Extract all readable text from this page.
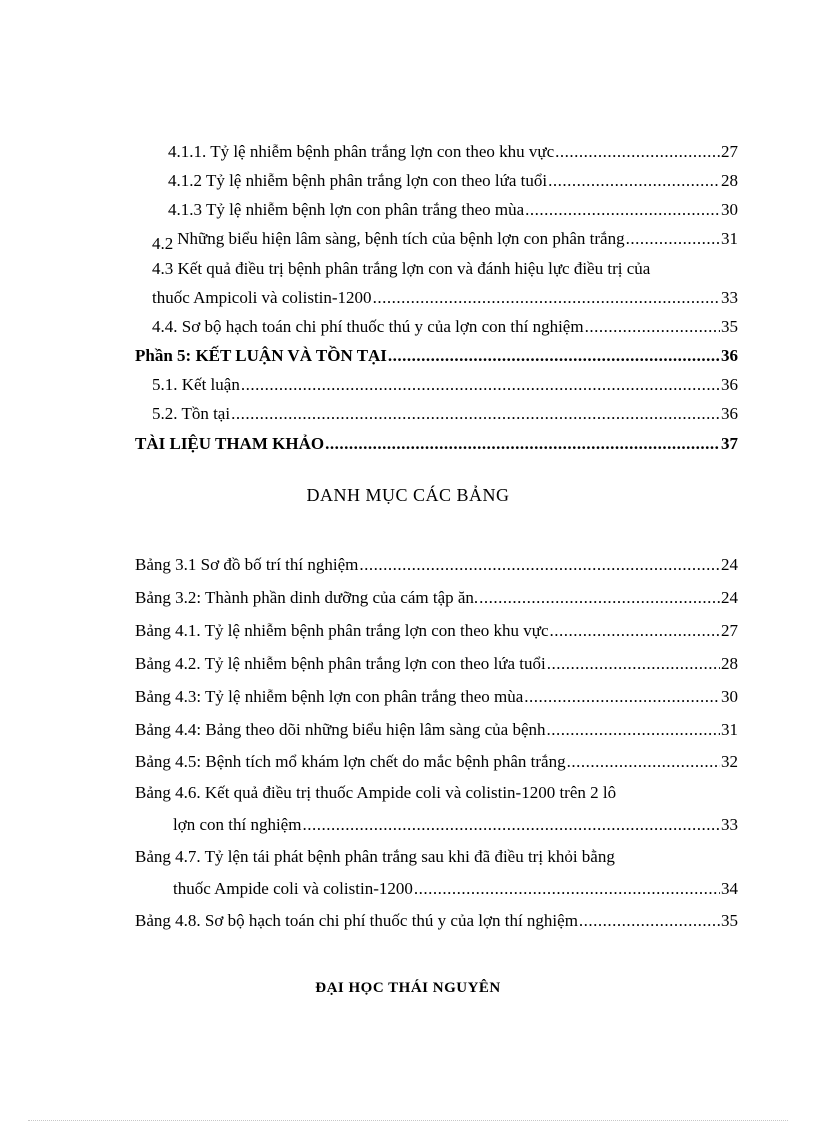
4.1.1. Tỷ lệ nhiễm bệnh phân trắng lợn con theo khu vực .....	27
4.1.2 Tỷ lệ nhiễm bệnh phân trắng lợn con theo lứa tuổi .....	28
4.1.3 Tỷ lệ nhiễm bệnh lợn con phân trắng theo mùa .....	30
4.2 Những biểu hiện lâm sàng, bệnh tích của bệnh lợn con phân trắng .....	31
4.3 Kết quả điều trị bệnh phân trắng lợn con và đánh hiệu lực điều trị của
thuốc Ampicoli và colistin-1200 .....	33
4.4. Sơ bộ hạch toán chi phí thuốc thú y của lợn con thí nghiệm .....	35
Phần 5: KẾT LUẬN VÀ TỒN TẠI .....	36
5.1. Kết luận .....	36
5.2. Tồn tại .....	36
TÀI LIỆU THAM KHẢO .....	37
DANH MỤC CÁC BẢNG
Bảng 3.1 Sơ đồ bố trí thí nghiệm .....	24
Bảng 3.2: Thành phần dinh dưỡng của cám tập ăn. .....	24
Bảng 4.1. Tỷ lệ nhiễm bệnh phân trắng lợn con theo khu vực .....	27
Bảng 4.2. Tỷ lệ nhiễm bệnh phân trắng lợn con theo lứa tuổi .....	28
Bảng 4.3: Tỷ lệ nhiễm bệnh lợn con phân trắng theo mùa .....	30
Bảng 4.4: Bảng theo dõi những biểu hiện lâm sàng của bệnh .....	31
Bảng 4.5: Bệnh tích mổ khám lợn chết do mắc bệnh phân trắng .....	32
Bảng 4.6. Kết quả điều trị thuốc Ampide coli và colistin-1200 trên 2 lô
lợn con thí nghiệm .....	33
Bảng 4.7. Tỷ lện tái phát bệnh phân trắng sau khi đã điều trị khỏi bằng
thuốc Ampide coli và colistin-1200 .....	34
Bảng 4.8. Sơ bộ hạch toán chi phí thuốc thú y của lợn thí nghiệm .....	35
ĐẠI HỌC THÁI NGUYÊN
